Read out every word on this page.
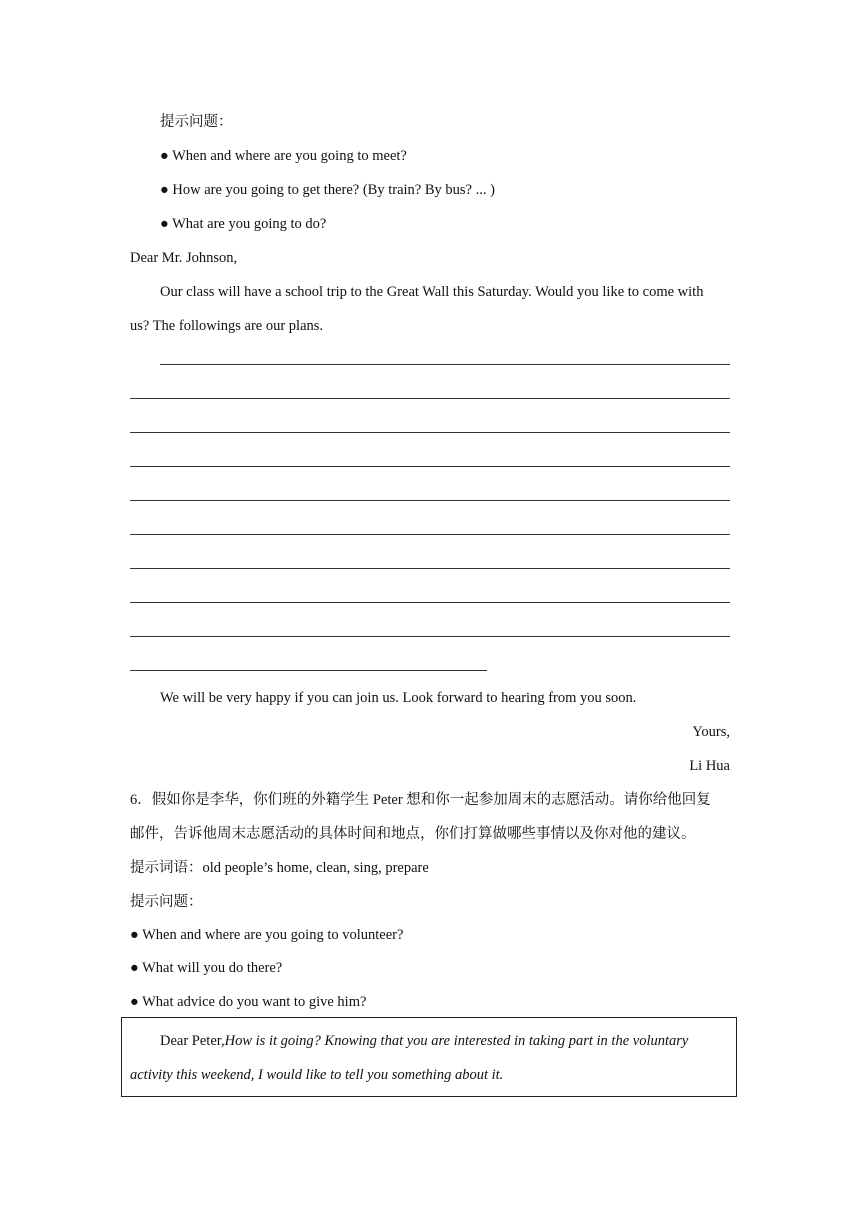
提示问题：
● When and where are you going to meet?
● How are you going to get there? (By train? By bus? ... )
● What are you going to do?
Dear Mr. Johnson,
Our class will have a school trip to the Great Wall this Saturday. Would you like to come with
us? The followings are our plans.
We will be very happy if you can join us. Look forward to hearing from you soon.
Yours,
Li Hua
6．假如你是李华，你们班的外籍学生 Peter 想和你一起参加周末的志愿活动。请你给他回复
邮件，告诉他周末志愿活动的具体时间和地点，你们打算做哪些事情以及你对他的建议。
提示词语：old people’s home, clean, sing, prepare
提示问题：
● When and where are you going to volunteer?
● What will you do there?
● What advice do you want to give him?
Dear Peter,How is it going? Knowing that you are interested in taking part in the voluntary
activity this weekend, I would like to tell you something about it.
